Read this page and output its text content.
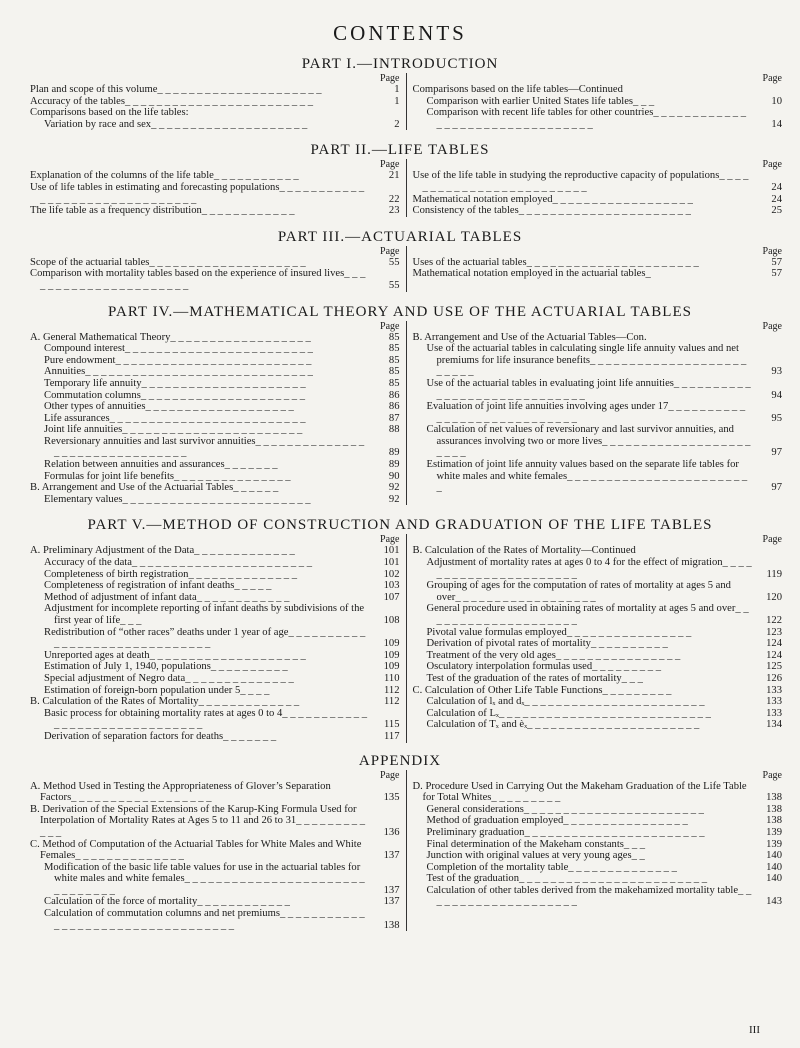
CONTENTS
PART I.—INTRODUCTION
Page
Plan and scope of this volume_ _ _ _ _ _ _ _ _ _ _ _ _ _ _ _ _ _ _ _ _	1
Accuracy of the tables_ _ _ _ _ _ _ _ _ _ _ _ _ _ _ _ _ _ _ _ _ _ _ _	1
Comparisons based on the life tables:
Variation by race and sex_ _ _ _ _ _ _ _ _ _ _ _ _ _ _ _ _ _ _ _	2
Page
Comparisons based on the life tables—Continued
Comparison with earlier United States life tables_ _ _	10
Comparison with recent life tables for other countries_ _ _ _ _ _ _ _ _ _ _ _ _ _ _ _ _ _ _ _ _ _ _ _ _ _ _ _ _ _ _ _	14
PART II.—LIFE TABLES
Page
Explanation of the columns of the life table_ _ _ _ _ _ _ _ _ _ _	21
Use of life tables in estimating and forecasting populations_ _ _ _ _ _ _ _ _ _ _ _ _ _ _ _ _ _ _ _ _ _ _ _ _ _ _ _ _ _ _	22
The life table as a frequency distribution_ _ _ _ _ _ _ _ _ _ _ _	23
Page
Use of the life table in studying the reproductive capacity of populations_ _ _ _ _ _ _ _ _ _ _ _ _ _ _ _ _ _ _ _ _ _ _ _ _	24
Mathematical notation employed_ _ _ _ _ _ _ _ _ _ _ _ _ _ _ _ _ _	24
Consistency of the tables_ _ _ _ _ _ _ _ _ _ _ _ _ _ _ _ _ _ _ _ _ _	25
PART III.—ACTUARIAL TABLES
Page
Scope of the actuarial tables_ _ _ _ _ _ _ _ _ _ _ _ _ _ _ _ _ _ _ _	55
Comparison with mortality tables based on the experience of insured lives_ _ _ _ _ _ _ _ _ _ _ _ _ _ _ _ _ _ _ _ _ _	55
Page
Uses of the actuarial tables_ _ _ _ _ _ _ _ _ _ _ _ _ _ _ _ _ _ _ _ _ _	57
Mathematical notation employed in the actuarial tables_	57
PART IV.—MATHEMATICAL THEORY AND USE OF THE ACTUARIAL TABLES
Page
A. General Mathematical Theory_ _ _ _ _ _ _ _ _ _ _ _ _ _ _ _ _ _	85
Compound interest_ _ _ _ _ _ _ _ _ _ _ _ _ _ _ _ _ _ _ _ _ _ _ _	85
Pure endowment_ _ _ _ _ _ _ _ _ _ _ _ _ _ _ _ _ _ _ _ _ _ _ _ _	85
Annuities_ _ _ _ _ _ _ _ _ _ _ _ _ _ _ _ _ _ _ _ _ _ _ _ _ _ _ _ _	85
Temporary life annuity_ _ _ _ _ _ _ _ _ _ _ _ _ _ _ _ _ _ _ _ _	85
Commutation columns_ _ _ _ _ _ _ _ _ _ _ _ _ _ _ _ _ _ _ _ _	86
Other types of annuities_ _ _ _ _ _ _ _ _ _ _ _ _ _ _ _ _ _ _	86
Life assurances_ _ _ _ _ _ _ _ _ _ _ _ _ _ _ _ _ _ _ _ _ _ _ _ _	87
Joint life annuities_ _ _ _ _ _ _ _ _ _ _ _ _ _ _ _ _ _ _ _ _ _ _	88
Reversionary annuities and last survivor annuities_ _ _ _ _ _ _ _ _ _ _ _ _ _ _ _ _ _ _ _ _ _ _ _ _ _ _ _ _ _ _	89
Relation between annuities and assurances_ _ _ _ _ _ _	89
Formulas for joint life benefits_ _ _ _ _ _ _ _ _ _ _ _ _ _ _	90
B. Arrangement and Use of the Actuarial Tables_ _ _ _ _ _	92
Elementary values_ _ _ _ _ _ _ _ _ _ _ _ _ _ _ _ _ _ _ _ _ _ _ _	92
Page
B. Arrangement and Use of the Actuarial Tables—Con.
Use of the actuarial tables in calculating single life annuity values and net premiums for life insurance benefits_ _ _ _ _ _ _ _ _ _ _ _ _ _ _ _ _ _ _ _ _ _ _ _ _	93
Use of the actuarial tables in evaluating joint life annuities_ _ _ _ _ _ _ _ _ _ _ _ _ _ _ _ _ _ _ _ _ _ _ _ _ _ _ _ _	94
Evaluation of joint life annuities involving ages under 17_ _ _ _ _ _ _ _ _ _ _ _ _ _ _ _ _ _ _ _ _ _ _ _ _ _ _ _	95
Calculation of net values of reversionary and last survivor annuities, and assurances involving two or more lives_ _ _ _ _ _ _ _ _ _ _ _ _ _ _ _ _ _ _ _ _ _ _	97
Estimation of joint life annuity values based on the separate life tables for white males and white females_ _ _ _ _ _ _ _ _ _ _ _ _ _ _ _ _ _ _ _ _ _ _ _	97
PART V.—METHOD OF CONSTRUCTION AND GRADUATION OF THE LIFE TABLES
Page
A. Preliminary Adjustment of the Data_ _ _ _ _ _ _ _ _ _ _ _ _	101
Accuracy of the data_ _ _ _ _ _ _ _ _ _ _ _ _ _ _ _ _ _ _ _ _ _ _	101
Completeness of birth registration_ _ _ _ _ _ _ _ _ _ _ _ _ _	102
Completeness of registration of infant deaths_ _ _ _ _	103
Method of adjustment of infant data_ _ _ _ _ _ _ _ _ _ _ _	107
Adjustment for incomplete reporting of infant deaths by subdivisions of the first year of life_ _ _	108
Redistribution of “other races” deaths under 1 year of age_ _ _ _ _ _ _ _ _ _ _ _ _ _ _ _ _ _ _ _ _ _ _ _ _ _ _ _ _ _	109
Unreported ages at death_ _ _ _ _ _ _ _ _ _ _ _ _ _ _ _ _ _ _ _	109
Estimation of July 1, 1940, populations_ _ _ _ _ _ _ _ _ _	109
Special adjustment of Negro data_ _ _ _ _ _ _ _ _ _ _ _ _ _	110
Estimation of foreign-born population under 5_ _ _ _	112
B. Calculation of the Rates of Mortality_ _ _ _ _ _ _ _ _ _ _ _ _	112
Basic process for obtaining mortality rates at ages 0 to 4_ _ _ _ _ _ _ _ _ _ _ _ _ _ _ _ _ _ _ _ _ _ _ _ _ _ _ _ _ _	115
Derivation of separation factors for deaths_ _ _ _ _ _ _	117
Page
B. Calculation of the Rates of Mortality—Continued
Adjustment of mortality rates at ages 0 to 4 for the effect of migration_ _ _ _ _ _ _ _ _ _ _ _ _ _ _ _ _ _ _ _ _ _	119
Grouping of ages for the computation of rates of mortality at ages 5 and over_ _ _ _ _ _ _ _ _ _ _ _ _ _ _ _ _ _	120
General procedure used in obtaining rates of mortality at ages 5 and over_ _ _ _ _ _ _ _ _ _ _ _ _ _ _ _ _ _ _ _	122
Pivotal value formulas employed_ _ _ _ _ _ _ _ _ _ _ _ _ _ _ _	123
Derivation of pivotal rates of mortality_ _ _ _ _ _ _ _ _ _	124
Treatment of the very old ages_ _ _ _ _ _ _ _ _ _ _ _ _ _ _ _	124
Osculatory interpolation formulas used_ _ _ _ _ _ _ _ _	125
Test of the graduation of the rates of mortality_ _ _	126
C. Calculation of Other Life Table Functions_ _ _ _ _ _ _ _ _	133
Calculation of lₓ and dₓ_ _ _ _ _ _ _ _ _ _ _ _ _ _ _ _ _ _ _ _ _ _ _	133
Calculation of Lₓ_ _ _ _ _ _ _ _ _ _ _ _ _ _ _ _ _ _ _ _ _ _ _ _ _ _ _	133
Calculation of Tₓ and èₓ_ _ _ _ _ _ _ _ _ _ _ _ _ _ _ _ _ _ _ _ _ _	134
APPENDIX
Page
A. Method Used in Testing the Appropriateness of Glover’s Separation Factors_ _ _ _ _ _ _ _ _ _ _ _ _ _ _ _ _ _	135
B. Derivation of the Special Extensions of the Karup-King Formula Used for Interpolation of Mortality Rates at Ages 5 to 11 and 26 to 31_ _ _ _ _ _ _ _ _ _ _ _	136
C. Method of Computation of the Actuarial Tables for White Males and White Females_ _ _ _ _ _ _ _ _ _ _ _ _ _	137
Modification of the basic life table values for use in the actuarial tables for white males and white females_ _ _ _ _ _ _ _ _ _ _ _ _ _ _ _ _ _ _ _ _ _ _ _ _ _ _ _ _ _ _	137
Calculation of the force of mortality_ _ _ _ _ _ _ _ _ _ _ _	137
Calculation of commutation columns and net premiums_ _ _ _ _ _ _ _ _ _ _ _ _ _ _ _ _ _ _ _ _ _ _ _ _ _ _ _ _ _ _ _ _ _	138
Page
D. Procedure Used in Carrying Out the Makeham Graduation of the Life Table for Total Whites_ _ _ _ _ _ _ _ _	138
General considerations_ _ _ _ _ _ _ _ _ _ _ _ _ _ _ _ _ _ _ _ _ _ _	138
Method of graduation employed_ _ _ _ _ _ _ _ _ _ _ _ _ _ _ _	138
Preliminary graduation_ _ _ _ _ _ _ _ _ _ _ _ _ _ _ _ _ _ _ _ _ _ _	139
Final determination of the Makeham constants_ _ _	139
Junction with original values at very young ages_ _	140
Completion of the mortality table_ _ _ _ _ _ _ _ _ _ _ _ _ _	140
Test of the graduation_ _ _ _ _ _ _ _ _ _ _ _ _ _ _ _ _ _ _ _ _ _ _ _	140
Calculation of other tables derived from the makehamized mortality table_ _ _ _ _ _ _ _ _ _ _ _ _ _ _ _ _ _ _ _	143
III
